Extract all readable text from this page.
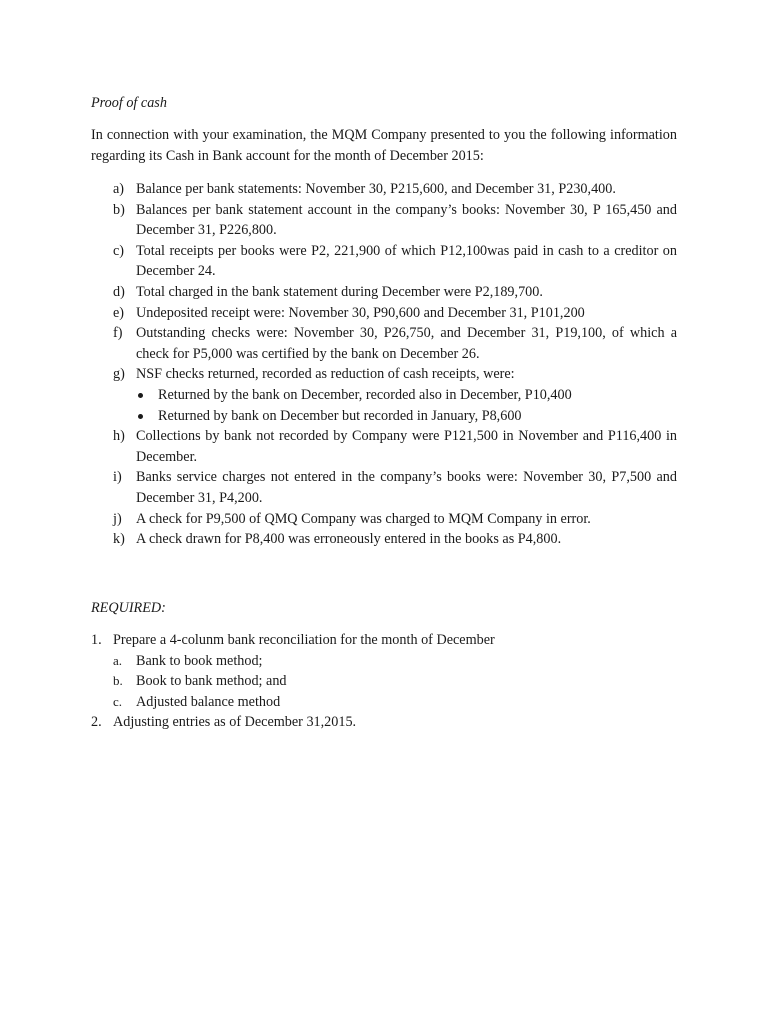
Proof of cash

In connection with your examination, the MQM Company presented to you the following information regarding its Cash in Bank account for the month of December 2015:

a) Balance per bank statements: November 30, P215,600, and December 31, P230,400.
b) Balances per bank statement account in the company’s books: November 30, P 165,450 and December 31, P226,800.
c) Total receipts per books were P2, 221,900 of which P12,100was paid in cash to a creditor on December 24.
d) Total charged in the bank statement during December were P2,189,700.
e) Undeposited receipt were: November 30, P90,600 and December 31, P101,200
f) Outstanding checks were: November 30, P26,750, and December 31, P19,100, of which a check for P5,000 was certified by the bank on December 26.
g) NSF checks returned, recorded as reduction of cash receipts, were:
Returned by the bank on December, recorded also in December, P10,400
Returned by bank on December but recorded in January, P8,600
h) Collections by bank not recorded by Company were P121,500 in November and P116,400 in December.
i) Banks service charges not entered in the company’s books were: November 30, P7,500 and December 31, P4,200.
j) A check for P9,500 of QMQ Company was charged to MQM Company in error.
k) A check drawn for P8,400 was erroneously entered in the books as P4,800.
REQUIRED:
1. Prepare a 4-colunm bank reconciliation for the month of December
a. Bank to book method;
b. Book to bank method; and
c. Adjusted balance method
2. Adjusting entries as of December 31,2015.
